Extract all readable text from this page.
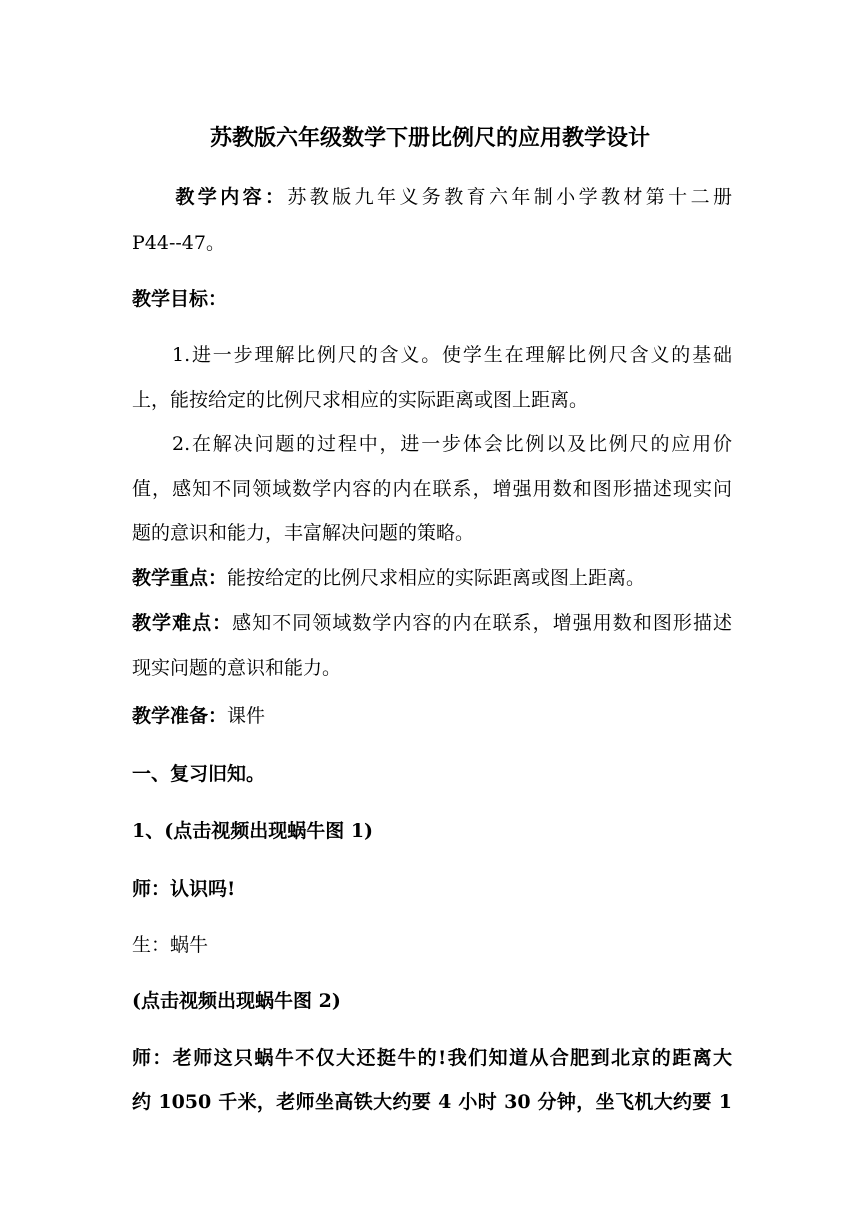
苏教版六年级数学下册比例尺的应用教学设计
教学内容：苏教版九年义务教育六年制小学教材第十二册
P44--47。
教学目标：
1.进一步理解比例尺的含义。使学生在理解比例尺含义的基础
上，能按给定的比例尺求相应的实际距离或图上距离。
2.在解决问题的过程中，进一步体会比例以及比例尺的应用价
值，感知不同领域数学内容的内在联系，增强用数和图形描述现实问
题的意识和能力，丰富解决问题的策略。
教学重点：能按给定的比例尺求相应的实际距离或图上距离。
教学难点：感知不同领域数学内容的内在联系，增强用数和图形描述
现实问题的意识和能力。
教学准备：课件
一、复习旧知。
1、(点击视频出现蜗牛图 1)
师：认识吗!
生：蜗牛
(点击视频出现蜗牛图 2)
师：老师这只蜗牛不仅大还挺牛的!我们知道从合肥到北京的距离大
约 1050 千米，老师坐高铁大约要 4 小时 30 分钟，坐飞机大约要 1
